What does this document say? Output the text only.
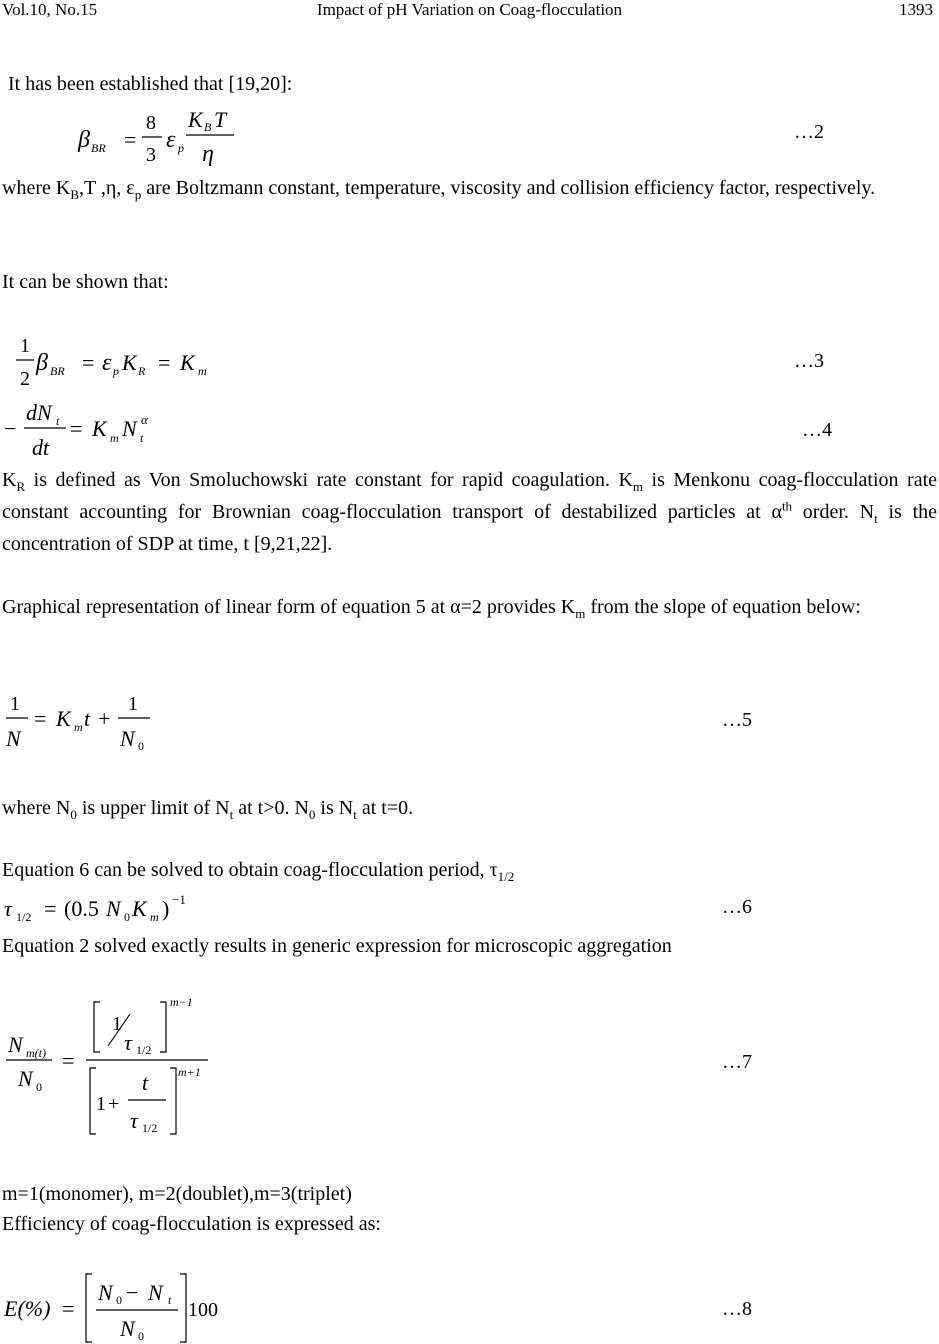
Vol.10, No.15	Impact of pH Variation on Coag-flocculation	1393
It has been established that [19,20]:
β BR =
8
3
ε p
K B T
η
…2
where $K_B,T$ ,η, $\varepsilon_p$ are Boltzmann constant, temperature, viscosity and collision efficiency factor, respectively.
It can be shown that:
1
2
β BR = ε p K R = K m	…3
−
dN t
dt
= K m N t
α	…4
$K_R$ is defined as Von Smoluchowski rate constant for rapid coagulation. $K_m$ is Menkonu coag-flocculation rate constant accounting for Brownian coag-flocculation transport of destabilized particles at $\alpha^{th}$ order. $N_t$ is the concentration of SDP at time, t [9,21,22].
Graphical representation of linear form of equation 5 at α=2 provides $K_m$ from the slope of equation below:
1
N
= K m t +
1
N 0
…5
where $N_0$ is upper limit of $N_t$ at t>0. $N_0$ is $N_t$ at t=0.
Equation 6 can be solved to obtain coag-flocculation period, $\tau_{1/2}$
τ 1/2 = (0.5 N 0 K m ) −1	…6
Equation 2 solved exactly results in generic expression for microscopic aggregation
N m(t)
N 0
=
1
τ 1/2
m−1
1 +
t
τ 1/2
m+1	…7
m=1(monomer), m=2(doublet),m=3(triplet)
Efficiency of coag-flocculation is expressed as:
E(%) =
N 0 − N t
N 0
100	…8
